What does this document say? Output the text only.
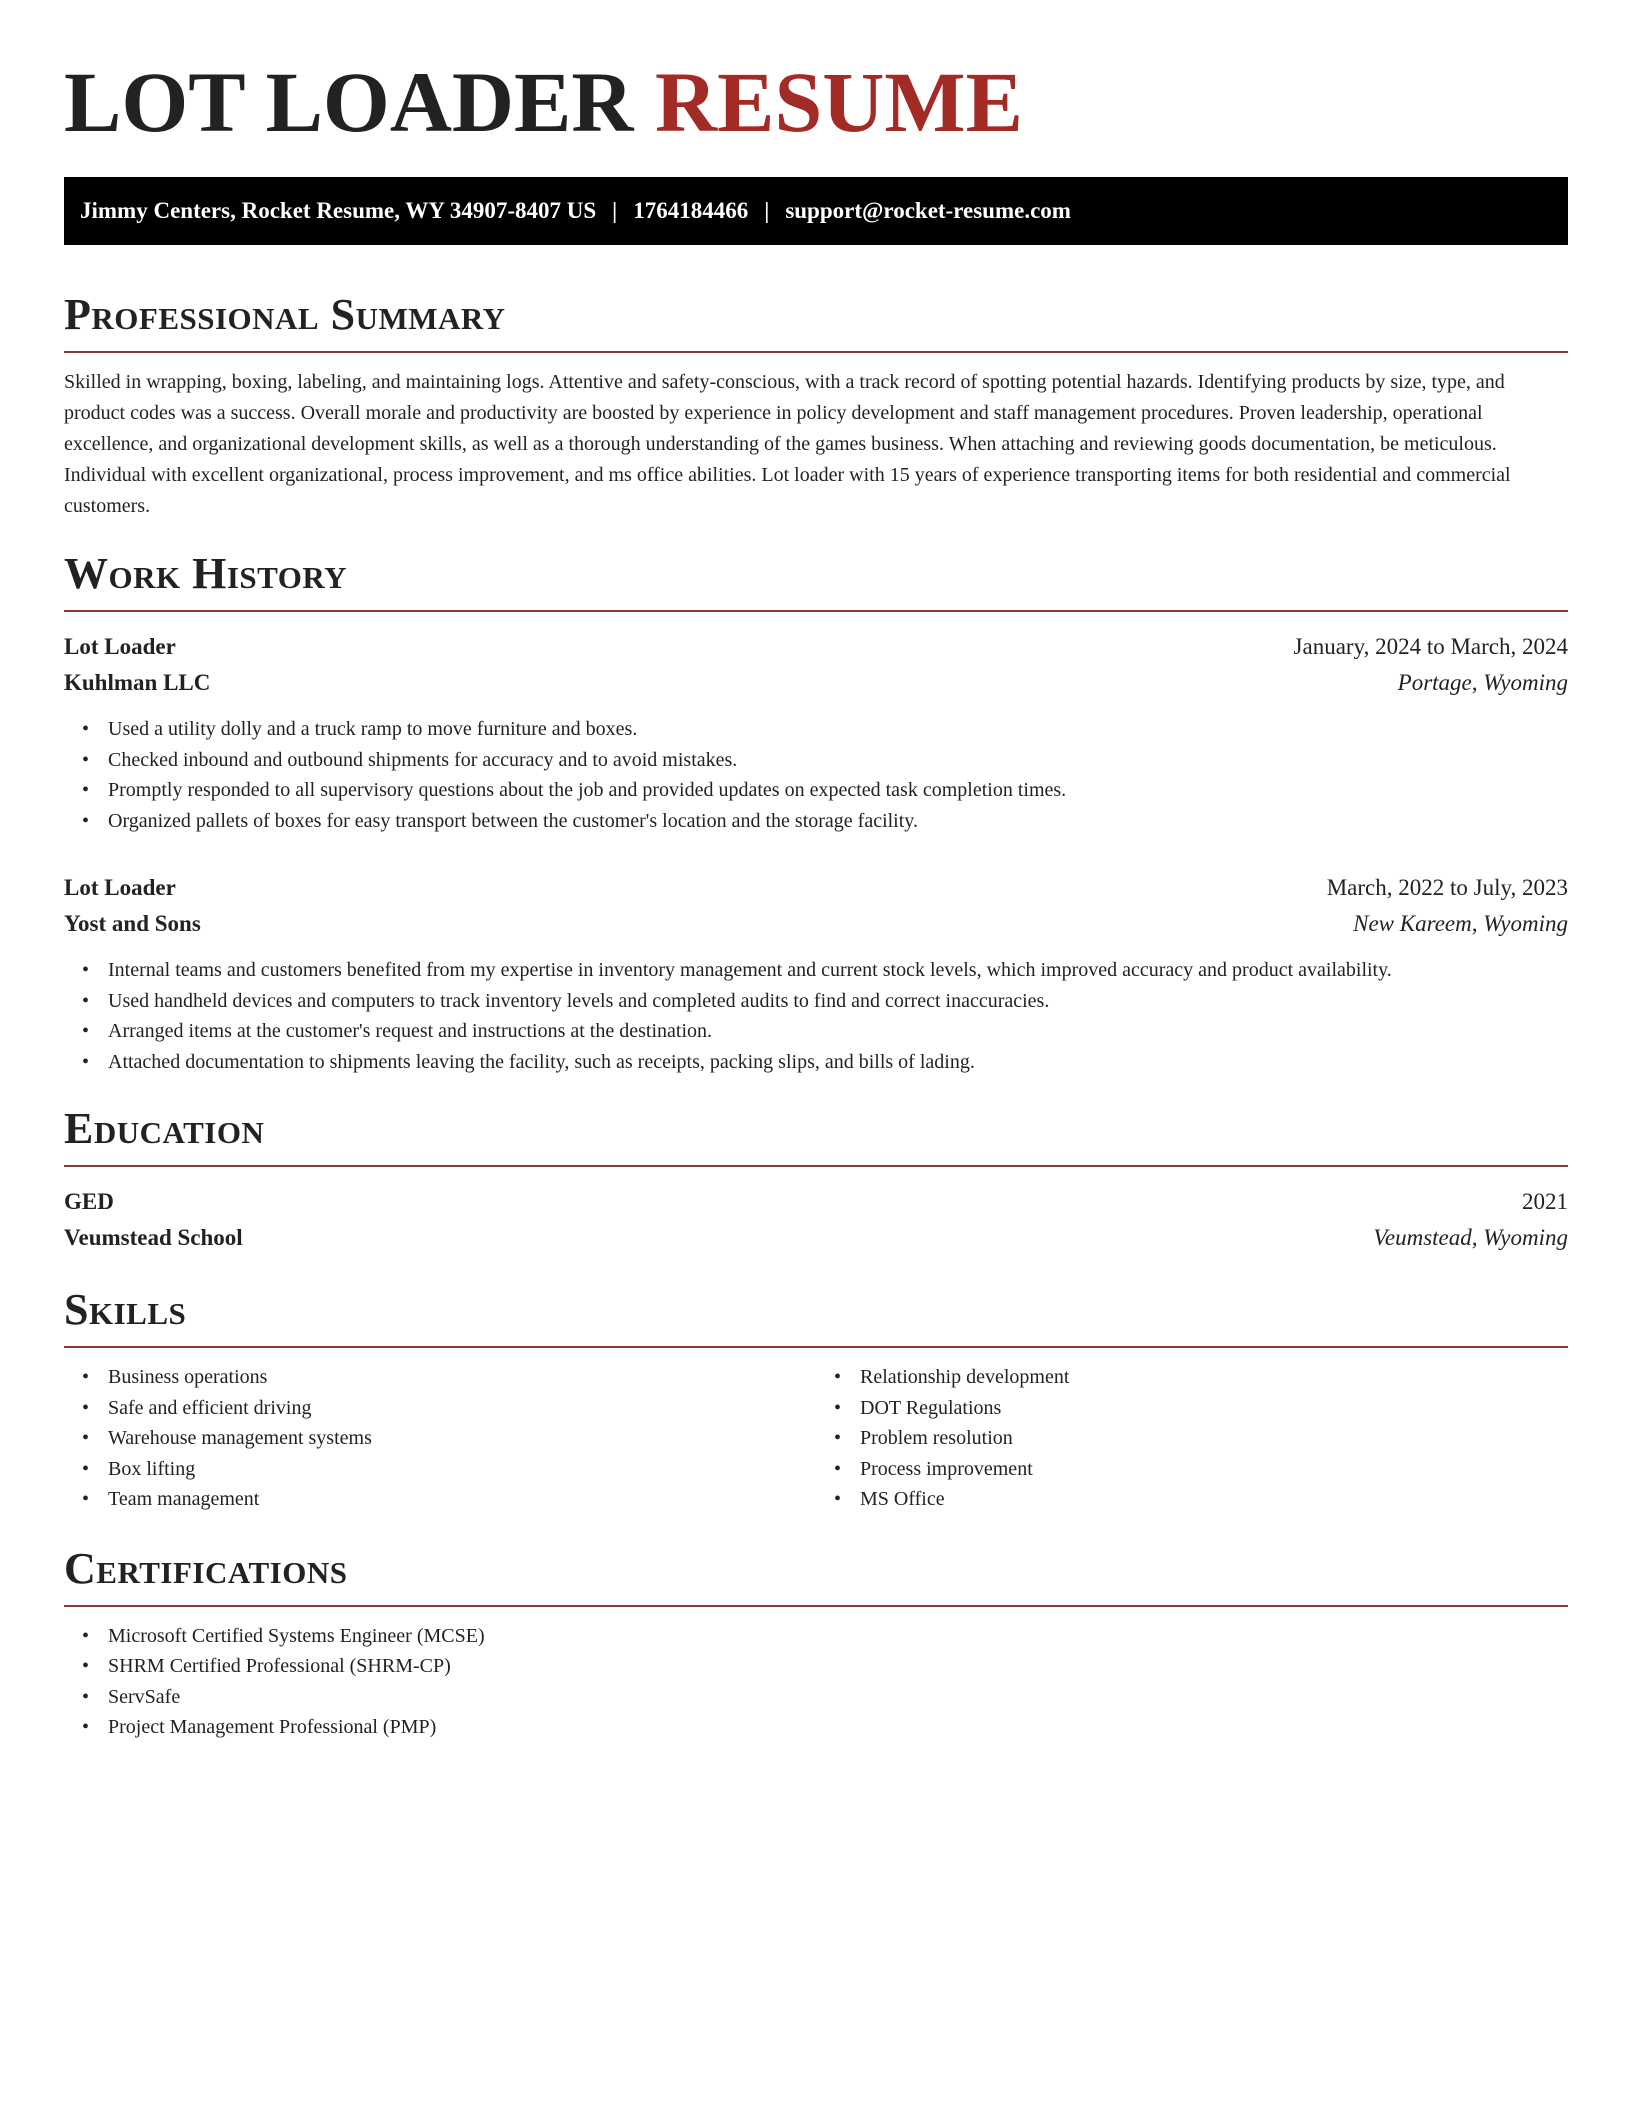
LOT LOADER RESUME
Jimmy Centers, Rocket Resume, WY 34907-8407 US | 1764184466 | support@rocket-resume.com
Professional Summary

Skilled in wrapping, boxing, labeling, and maintaining logs. Attentive and safety-conscious, with a track record of spotting potential hazards. Identifying products by size, type, and product codes was a success. Overall morale and productivity are boosted by experience in policy development and staff management procedures. Proven leadership, operational excellence, and organizational development skills, as well as a thorough understanding of the games business. When attaching and reviewing goods documentation, be meticulous. Individual with excellent organizational, process improvement, and ms office abilities. Lot loader with 15 years of experience transporting items for both residential and commercial customers.

Work History
Lot Loader	January, 2024 to March, 2024
Kuhlman LLC	Portage, Wyoming
• Used a utility dolly and a truck ramp to move furniture and boxes.
• Checked inbound and outbound shipments for accuracy and to avoid mistakes.
• Promptly responded to all supervisory questions about the job and provided updates on expected task completion times.
• Organized pallets of boxes for easy transport between the customer's location and the storage facility.
Lot Loader	March, 2022 to July, 2023
Yost and Sons	New Kareem, Wyoming
• Internal teams and customers benefited from my expertise in inventory management and current stock levels, which improved accuracy and product availability.
• Used handheld devices and computers to track inventory levels and completed audits to find and correct inaccuracies.
• Arranged items at the customer's request and instructions at the destination.
• Attached documentation to shipments leaving the facility, such as receipts, packing slips, and bills of lading.
Education
GED	2021
Veumstead School	Veumstead, Wyoming
Skills
• Business operations
• Safe and efficient driving
• Warehouse management systems
• Box lifting
• Team management
• Relationship development
• DOT Regulations
• Problem resolution
• Process improvement
• MS Office
Certifications
• Microsoft Certified Systems Engineer (MCSE)
• SHRM Certified Professional (SHRM-CP)
• ServSafe
• Project Management Professional (PMP)
